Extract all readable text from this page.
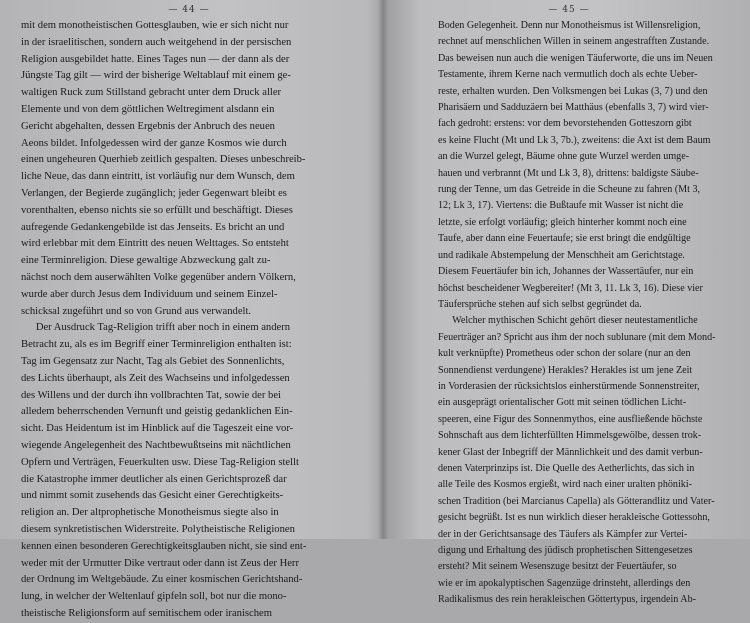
— 44 —
mit dem monotheistischen Gottesglauben, wie er sich nicht nur
in der israelitischen, sondern auch weitgehend in der persischen
Religion ausgebildet hatte. Eines Tages nun — der dann als der
Jüngste Tag gilt — wird der bisherige Weltablauf mit einem ge-
waltigen Ruck zum Stillstand gebracht unter dem Druck aller
Elemente und von dem göttlichen Weltregiment alsdann ein
Gericht abgehalten, dessen Ergebnis der Anbruch des neuen
Aeons bildet. Infolgedessen wird der ganze Kosmos wie durch
einen ungeheuren Querhieb zeitlich gespalten. Dieses unbeschreib-
liche Neue, das dann eintritt, ist vorläufig nur dem Wunsch, dem
Verlangen, der Begierde zugänglich; jeder Gegenwart bleibt es
vorenthalten, ebenso nichts sie so erfüllt und beschäftigt. Dieses
aufregende Gedankengebilde ist das Jenseits. Es bricht an und
wird erlebbar mit dem Eintritt des neuen Welttages. So entsteht
eine Terminreligion. Diese gewaltige Abzweckung galt zu-
nächst noch dem auserwählten Volke gegenüber andern Völkern,
wurde aber durch Jesus dem Individuum und seinem Einzel-
schicksal zugeführt und so von Grund aus verwandelt.
Der Ausdruck Tag-Religion trifft aber noch in einem andern
Betracht zu, als es im Begriff einer Terminreligion enthalten ist:
Tag im Gegensatz zur Nacht, Tag als Gebiet des Sonnenlichts,
des Lichts überhaupt, als Zeit des Wachseins und infolgedessen
des Willens und der durch ihn vollbrachten Tat, sowie der bei
alledem beherrschenden Vernunft und geistig gedanklichen Ein-
sicht. Das Heidentum ist im Hinblick auf die Tageszeit eine vor-
wiegende Angelegenheit des Nachtbewußtseins mit nächtlichen
Opfern und Verträgen, Feuerkulten usw. Diese Tag-Religion stellt
die Katastrophe immer deutlicher als einen Gerichtsprozeß dar
und nimmt somit zusehends das Gesicht einer Gerechtigkeits-
religion an. Der altprophetische Monotheismus siegte also in
diesem synkretistischen Widerstreite. Polytheistische Religionen
kennen einen besonderen Gerechtigkeitsglauben nicht, sie sind ent-
weder mit der Urmutter Dike vertraut oder dann ist Zeus der Herr
der Ordnung im Weltgebäude. Zu einer kosmischen Gerichtshand-
lung, in welcher der Weltenlauf gipfeln soll, bot nur die mono-
theistische Religionsform auf semitischem oder iranischem
— 45 —
Boden Gelegenheit. Denn nur Monotheismus ist Willensreligion,
rechnet auf menschlichen Willen in seinem angestrafften Zustande.
Das beweisen nun auch die wenigen Täuferworte, die uns im Neuen
Testamente, ihrem Kerne nach vermutlich doch als echte Ueber-
reste, erhalten wurden. Den Volksmengen bei Lukas (3, 7) und den
Pharisäern und Sadduzäern bei Matthäus (ebenfalls 3, 7) wird vier-
fach gedroht: erstens: vor dem bevorstehenden Gotteszorn gibt
es keine Flucht (Mt und Lk 3, 7b.), zweitens: die Axt ist dem Baum
an die Wurzel gelegt, Bäume ohne gute Wurzel werden umge-
hauen und verbrannt (Mt und Lk 3, 8), drittens: baldigste Säube-
rung der Tenne, um das Getreide in die Scheune zu fahren (Mt 3,
12; Lk 3, 17). Viertens: die Bußtaufe mit Wasser ist nicht die
letzte, sie erfolgt vorläufig; gleich hinterher kommt noch eine
Taufe, aber dann eine Feuertaufe; sie erst bringt die endgültige
und radikale Abstempelung der Menschheit am Gerichtstage.
Diesem Feuertäufer bin ich, Johannes der Wassertäufer, nur ein
höchst bescheidener Wegbereiter! (Mt 3, 11. Lk 3, 16). Diese vier
Täufersprüche stehen auf sich selbst gegründet da.
Welcher mythischen Schicht gehört dieser neutestamentliche
Feuerträger an? Spricht aus ihm der noch sublunare (mit dem Mond-
kult verknüpfte) Prometheus oder schon der solare (nur an den
Sonnendienst verdungene) Herakles? Herakles ist um jene Zeit
in Vorderasien der rücksichtslos einherstürmende Sonnenstreiter,
ein ausgeprägt orientalischer Gott mit seinen tödlichen Licht-
speeren, eine Figur des Sonnenmythos, eine ausfließende höchste
Sohnschaft aus dem lichterfüllten Himmelsgewölbe, dessen trok-
kener Glast der Inbegriff der Männlichkeit und des damit verbun-
denen Vaterprinzips ist. Die Quelle des Aetherlichts, das sich in
alle Teile des Kosmos ergießt, wird nach einer uralten phöniki-
schen Tradition (bei Marcianus Capella) als Götterandlitz und Vater-
gesicht begrüßt. Ist es nun wirklich dieser herakleische Gottessohn,
der in der Gerichtsansage des Täufers als Kämpfer zur Vertei-
digung und Erhaltung des jüdisch prophetischen Sittengesetzes
ersteht? Mit seinem Wesenszuge besitzt der Feuertäufer, so
wie er im apokalyptischen Sagenzüge drinsteht, allerdings den
Radikalismus des rein herakleischen Göttertypus, irgendein Ab-
